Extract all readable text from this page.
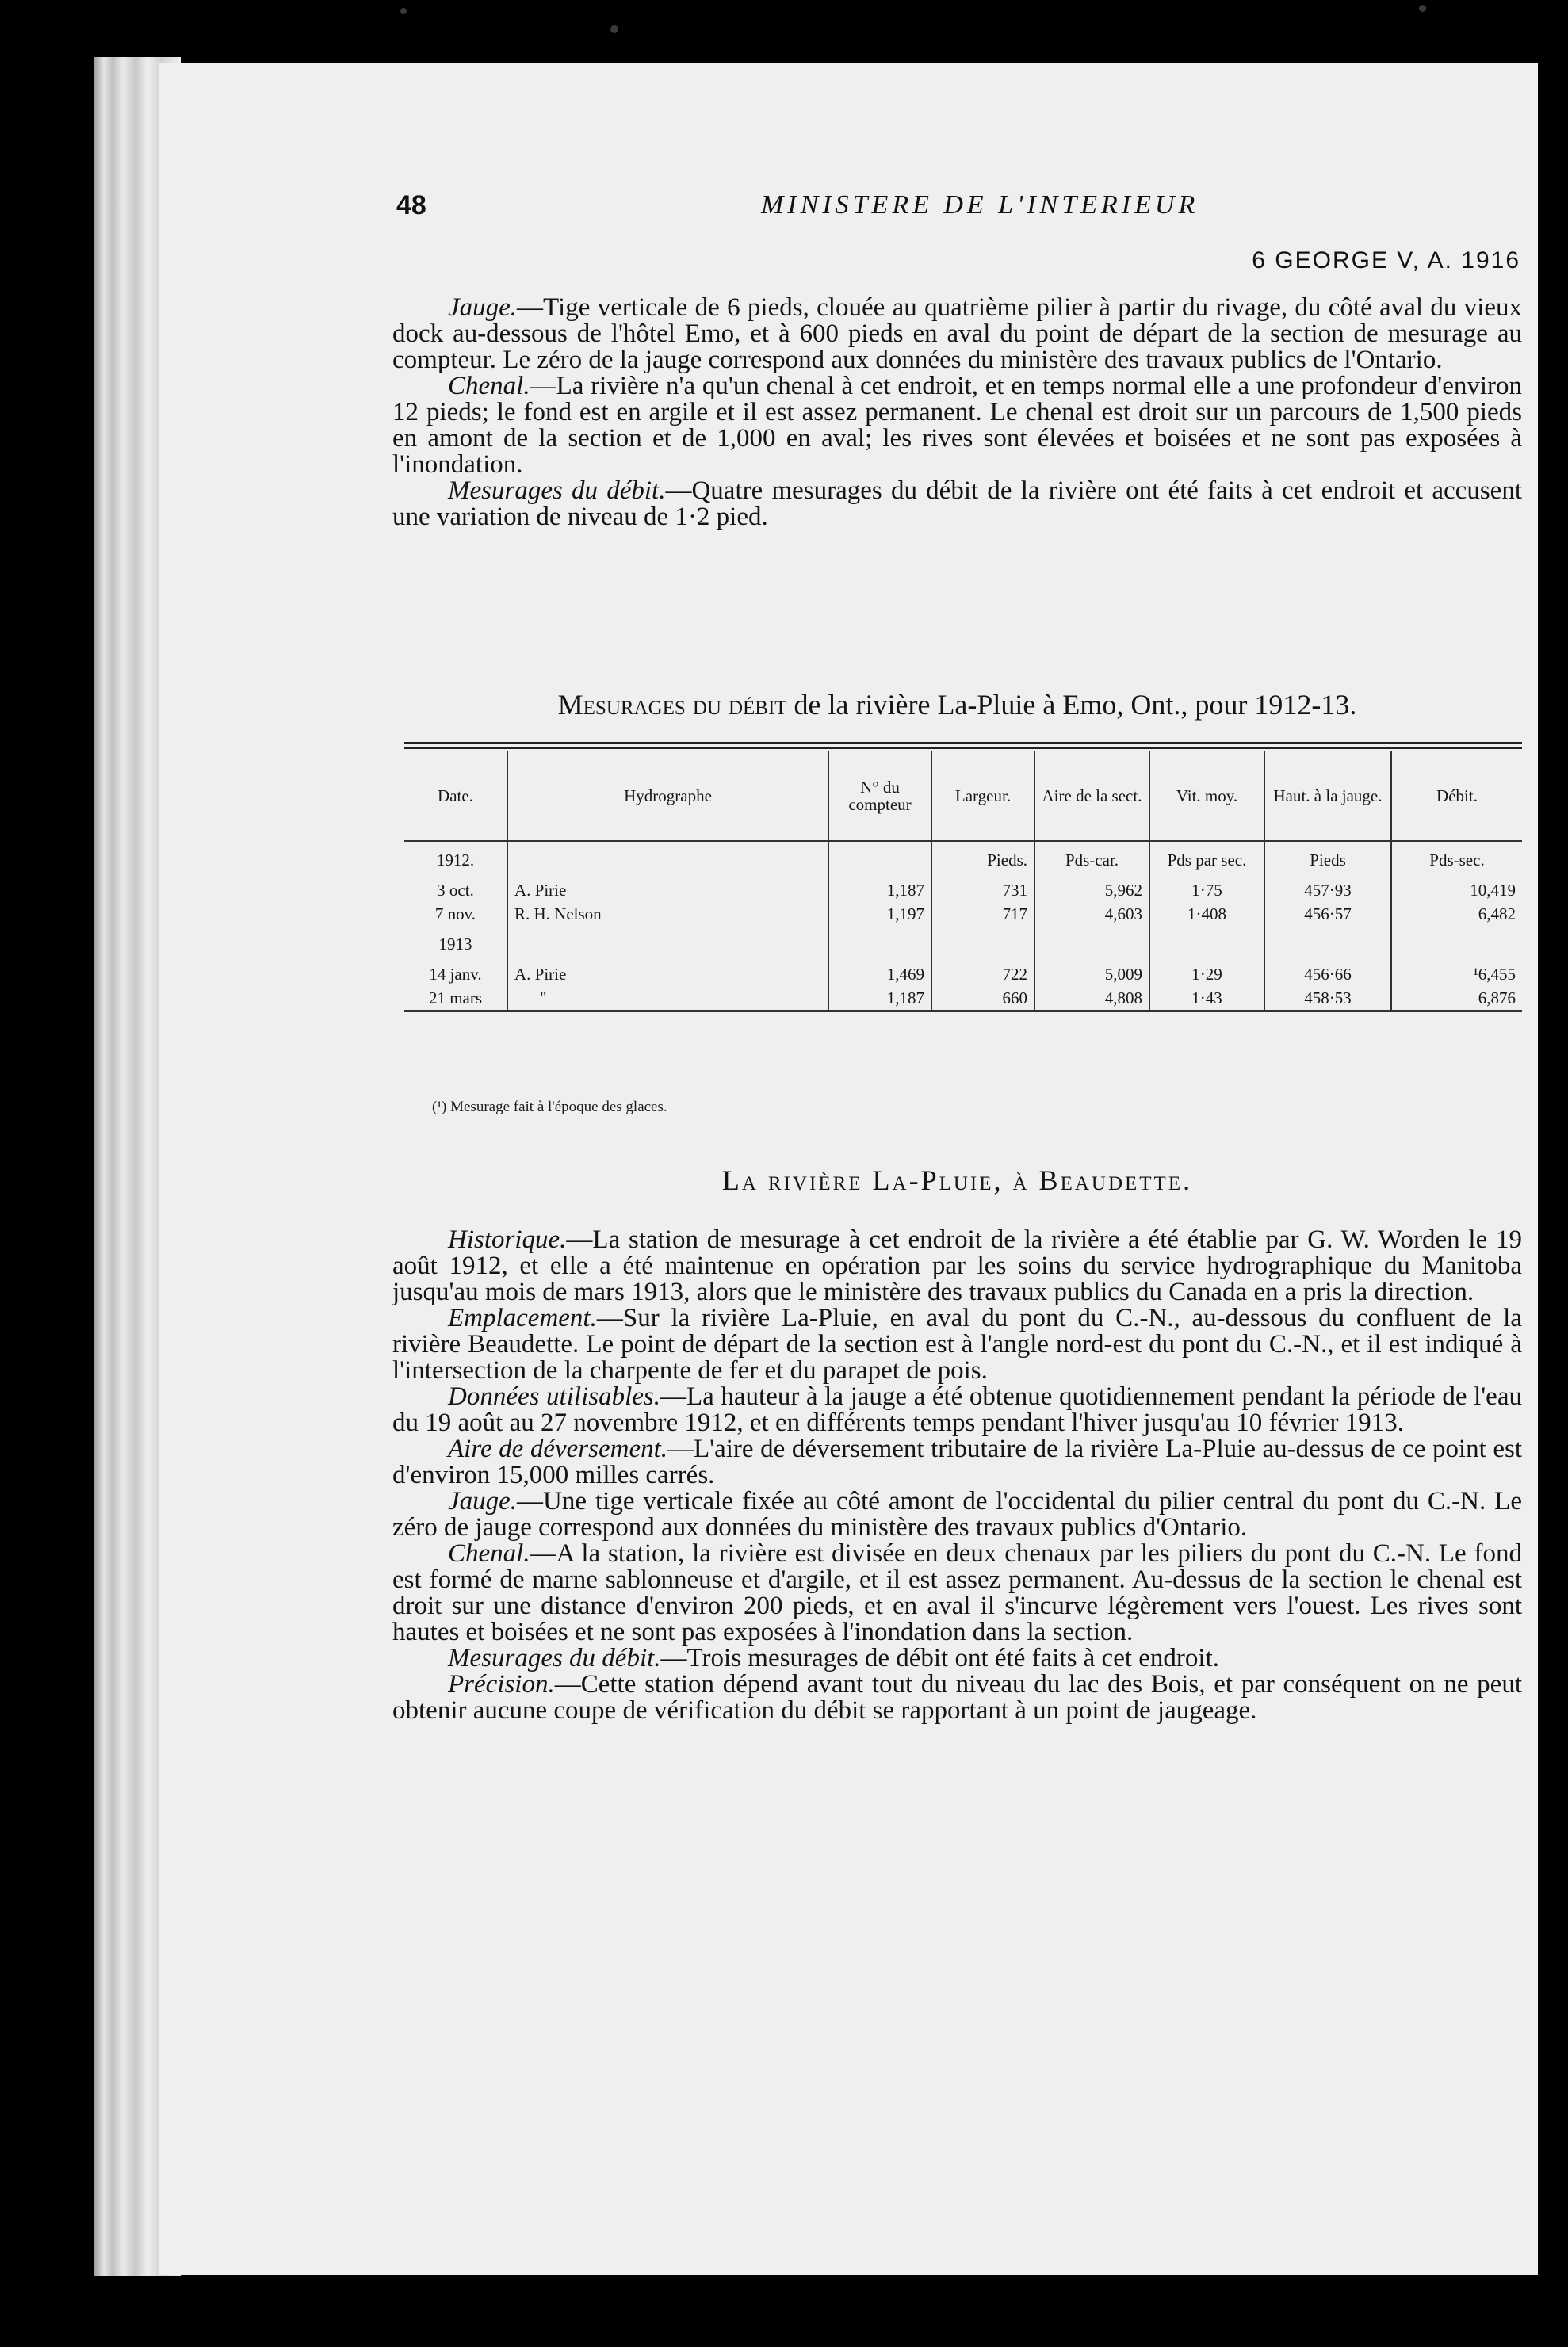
48	MINISTERE DE L'INTERIEUR
6 GEORGE V, A. 1916

Jauge.—Tige verticale de 6 pieds, clouée au quatrième pilier à partir du rivage, du côté aval du vieux dock au-dessous de l'hôtel Emo, et à 600 pieds en aval du point de départ de la section de mesurage au compteur. Le zéro de la jauge correspond aux données du ministère des travaux publics de l'Ontario.

Chenal.—La rivière n'a qu'un chenal à cet endroit, et en temps normal elle a une profondeur d'environ 12 pieds; le fond est en argile et il est assez permanent. Le chenal est droit sur un parcours de 1,500 pieds en amont de la section et de 1,000 en aval; les rives sont élevées et boisées et ne sont pas exposées à l'inondation.

Mesurages du débit.—Quatre mesurages du débit de la rivière ont été faits à cet endroit et accusent une variation de niveau de 1·2 pied.

Mesurages du débit de la rivière La-Pluie à Emo, Ont., pour 1912-13.
Date.	Hydrographe	N° du compteur	Largeur.	Aire de la sect.	Vit. moy.	Haut. à la jauge.	Débit.
1912.			Pieds.	Pds-car.	Pds par sec.	Pieds	Pds-sec.
3 oct.	A. Pirie	1,187	731	5,962	1·75	457·93	10,419
7 nov.	R. H. Nelson	1,197	717	4,603	1·408	456·57	6,482
1913							
14 janv.	A. Pirie	1,469	722	5,009	1·29	456·66	¹6,455
21 mars	"	1,187	660	4,808	1·43	458·53	6,876
(¹) Mesurage fait à l'époque des glaces.
La rivière La-Pluie, à Beaudette.

Historique.—La station de mesurage à cet endroit de la rivière a été établie par G. W. Worden le 19 août 1912, et elle a été maintenue en opération par les soins du service hydrographique du Manitoba jusqu'au mois de mars 1913, alors que le ministère des travaux publics du Canada en a pris la direction.

Emplacement.—Sur la rivière La-Pluie, en aval du pont du C.-N., au-dessous du confluent de la rivière Beaudette. Le point de départ de la section est à l'angle nord-est du pont du C.-N., et il est indiqué à l'intersection de la charpente de fer et du parapet de pois.

Données utilisables.—La hauteur à la jauge a été obtenue quotidiennement pendant la période de l'eau du 19 août au 27 novembre 1912, et en différents temps pendant l'hiver jusqu'au 10 février 1913.

Aire de déversement.—L'aire de déversement tributaire de la rivière La-Pluie au-dessus de ce point est d'environ 15,000 milles carrés.

Jauge.—Une tige verticale fixée au côté amont de l'occidental du pilier central du pont du C.-N. Le zéro de jauge correspond aux données du ministère des travaux publics d'Ontario.

Chenal.—A la station, la rivière est divisée en deux chenaux par les piliers du pont du C.-N. Le fond est formé de marne sablonneuse et d'argile, et il est assez permanent. Au-dessus de la section le chenal est droit sur une distance d'environ 200 pieds, et en aval il s'incurve légèrement vers l'ouest. Les rives sont hautes et boisées et ne sont pas exposées à l'inondation dans la section.

Mesurages du débit.—Trois mesurages de débit ont été faits à cet endroit.

Précision.—Cette station dépend avant tout du niveau du lac des Bois, et par conséquent on ne peut obtenir aucune coupe de vérification du débit se rapportant à un point de jaugeage.
